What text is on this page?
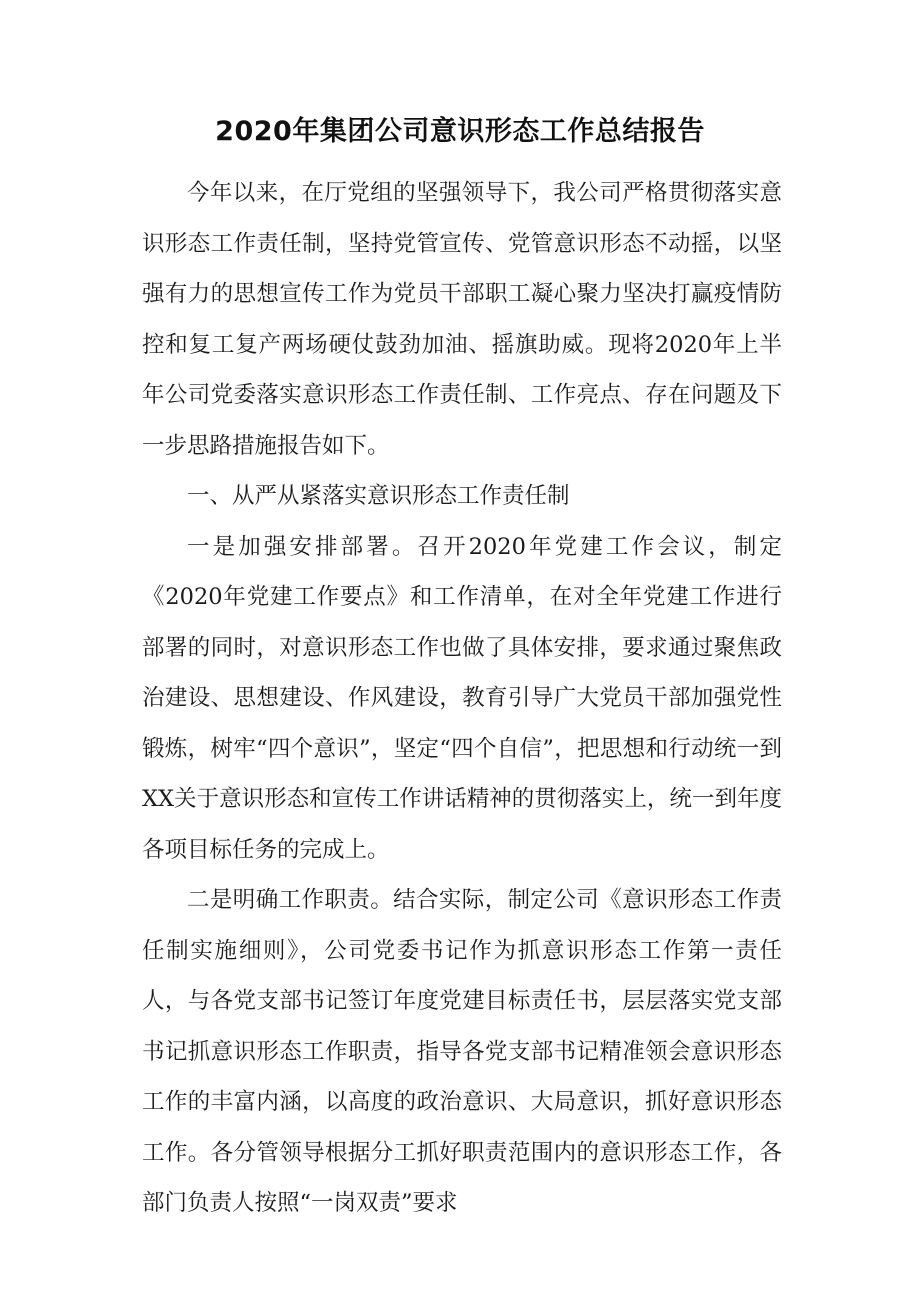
2020年集团公司意识形态工作总结报告

今年以来，在厅党组的坚强领导下，我公司严格贯彻落实意识形态工作责任制，坚持党管宣传、党管意识形态不动摇，以坚强有力的思想宣传工作为党员干部职工凝心聚力坚决打赢疫情防控和复工复产两场硬仗鼓劲加油、摇旗助威。现将2020年上半年公司党委落实意识形态工作责任制、工作亮点、存在问题及下一步思路措施报告如下。

一、从严从紧落实意识形态工作责任制

一是加强安排部署。召开2020年党建工作会议，制定《2020年党建工作要点》和工作清单，在对全年党建工作进行部署的同时，对意识形态工作也做了具体安排，要求通过聚焦政治建设、思想建设、作风建设，教育引导广大党员干部加强党性锻炼，树牢“四个意识”，坚定“四个自信”，把思想和行动统一到XX关于意识形态和宣传工作讲话精神的贯彻落实上，统一到年度各项目标任务的完成上。

二是明确工作职责。结合实际，制定公司《意识形态工作责任制实施细则》，公司党委书记作为抓意识形态工作第一责任人，与各党支部书记签订年度党建目标责任书，层层落实党支部书记抓意识形态工作职责，指导各党支部书记精准领会意识形态工作的丰富内涵，以高度的政治意识、大局意识，抓好意识形态工作。各分管领导根据分工抓好职责范围内的意识形态工作，各部门负责人按照“一岗双责”要求
